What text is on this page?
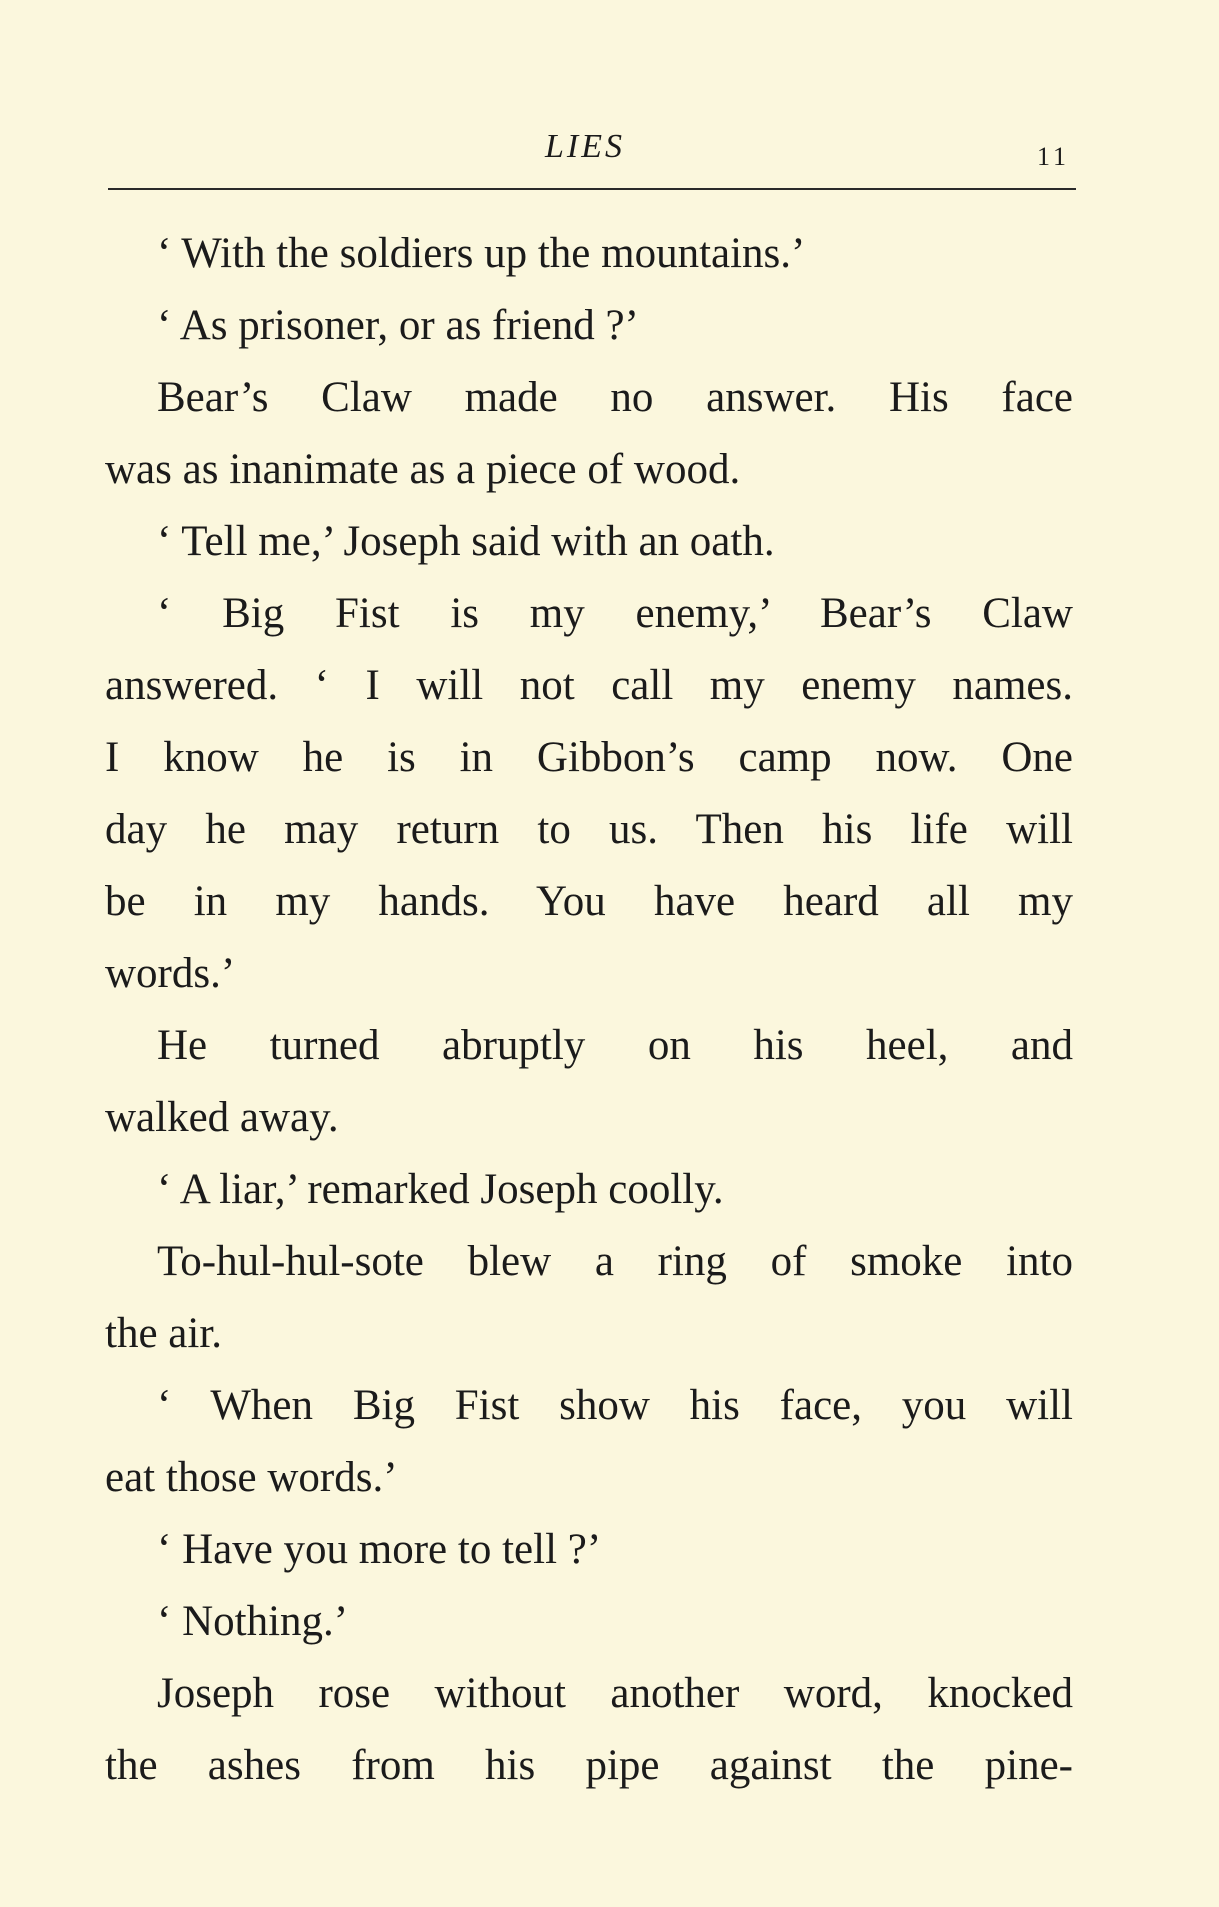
LIES	11
‘ With the soldiers up the mountains.’
‘ As prisoner, or as friend ?’
Bear’s Claw made no answer. His face
was as inanimate as a piece of wood.
‘ Tell me,’ Joseph said with an oath.
‘ Big Fist is my enemy,’ Bear’s Claw
answered. ‘ I will not call my enemy names.
I know he is in Gibbon’s camp now. One
day he may return to us. Then his life will
be in my hands. You have heard all my
words.’
He turned abruptly on his heel, and
walked away.
‘ A liar,’ remarked Joseph coolly.
To-hul-hul-sote blew a ring of smoke into
the air.
‘ When Big Fist show his face, you will
eat those words.’
‘ Have you more to tell ?’
‘ Nothing.’
Joseph rose without another word, knocked
the ashes from his pipe against the pine-
